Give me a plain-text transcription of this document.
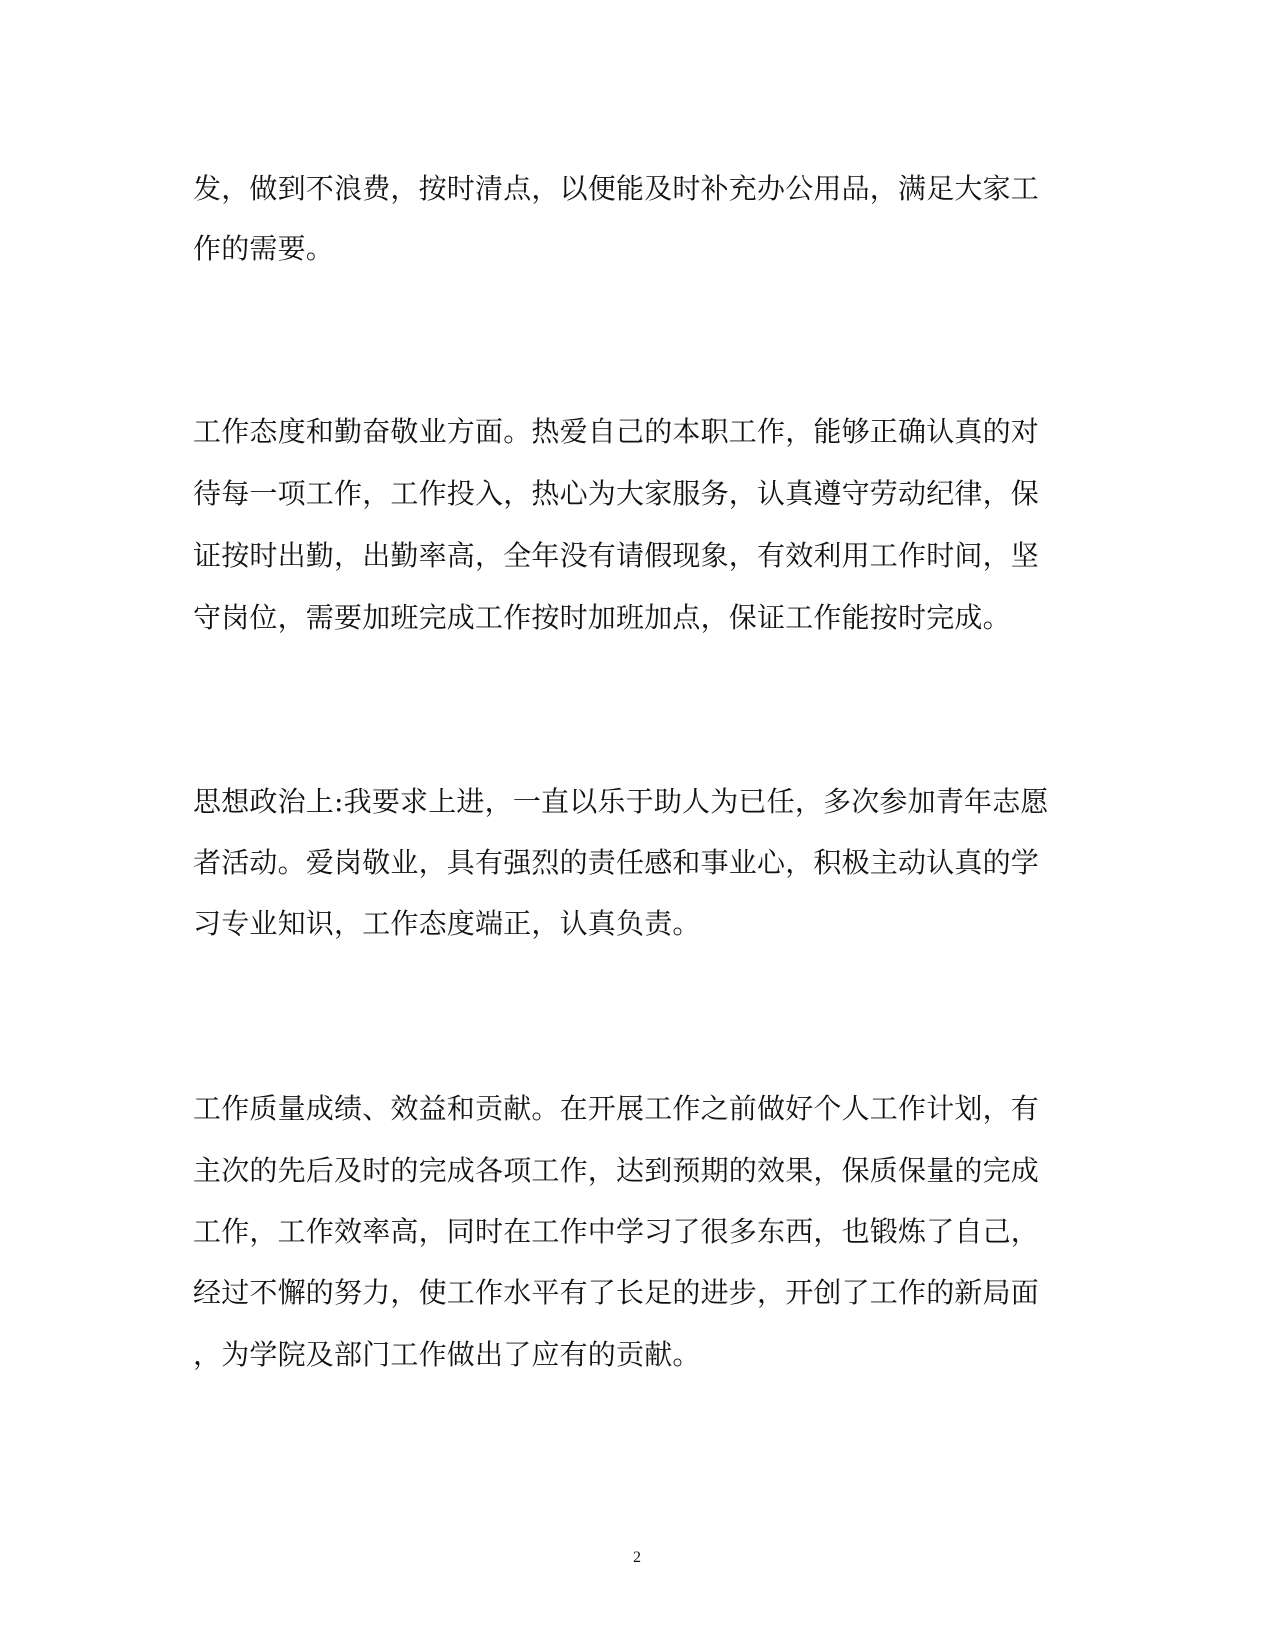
发，做到不浪费，按时清点，以便能及时补充办公用品，满足大家工
作的需要。
工作态度和勤奋敬业方面。热爱自己的本职工作，能够正确认真的对
待每一项工作，工作投入，热心为大家服务，认真遵守劳动纪律，保
证按时出勤，出勤率高，全年没有请假现象，有效利用工作时间，坚
守岗位，需要加班完成工作按时加班加点，保证工作能按时完成。
思想政治上:我要求上进，一直以乐于助人为已任，多次参加青年志愿
者活动。爱岗敬业，具有强烈的责任感和事业心，积极主动认真的学
习专业知识，工作态度端正，认真负责。
工作质量成绩、效益和贡献。在开展工作之前做好个人工作计划，有
主次的先后及时的完成各项工作，达到预期的效果，保质保量的完成
工作，工作效率高，同时在工作中学习了很多东西，也锻炼了自己，
经过不懈的努力，使工作水平有了长足的进步，开创了工作的新局面
，为学院及部门工作做出了应有的贡献。
2
